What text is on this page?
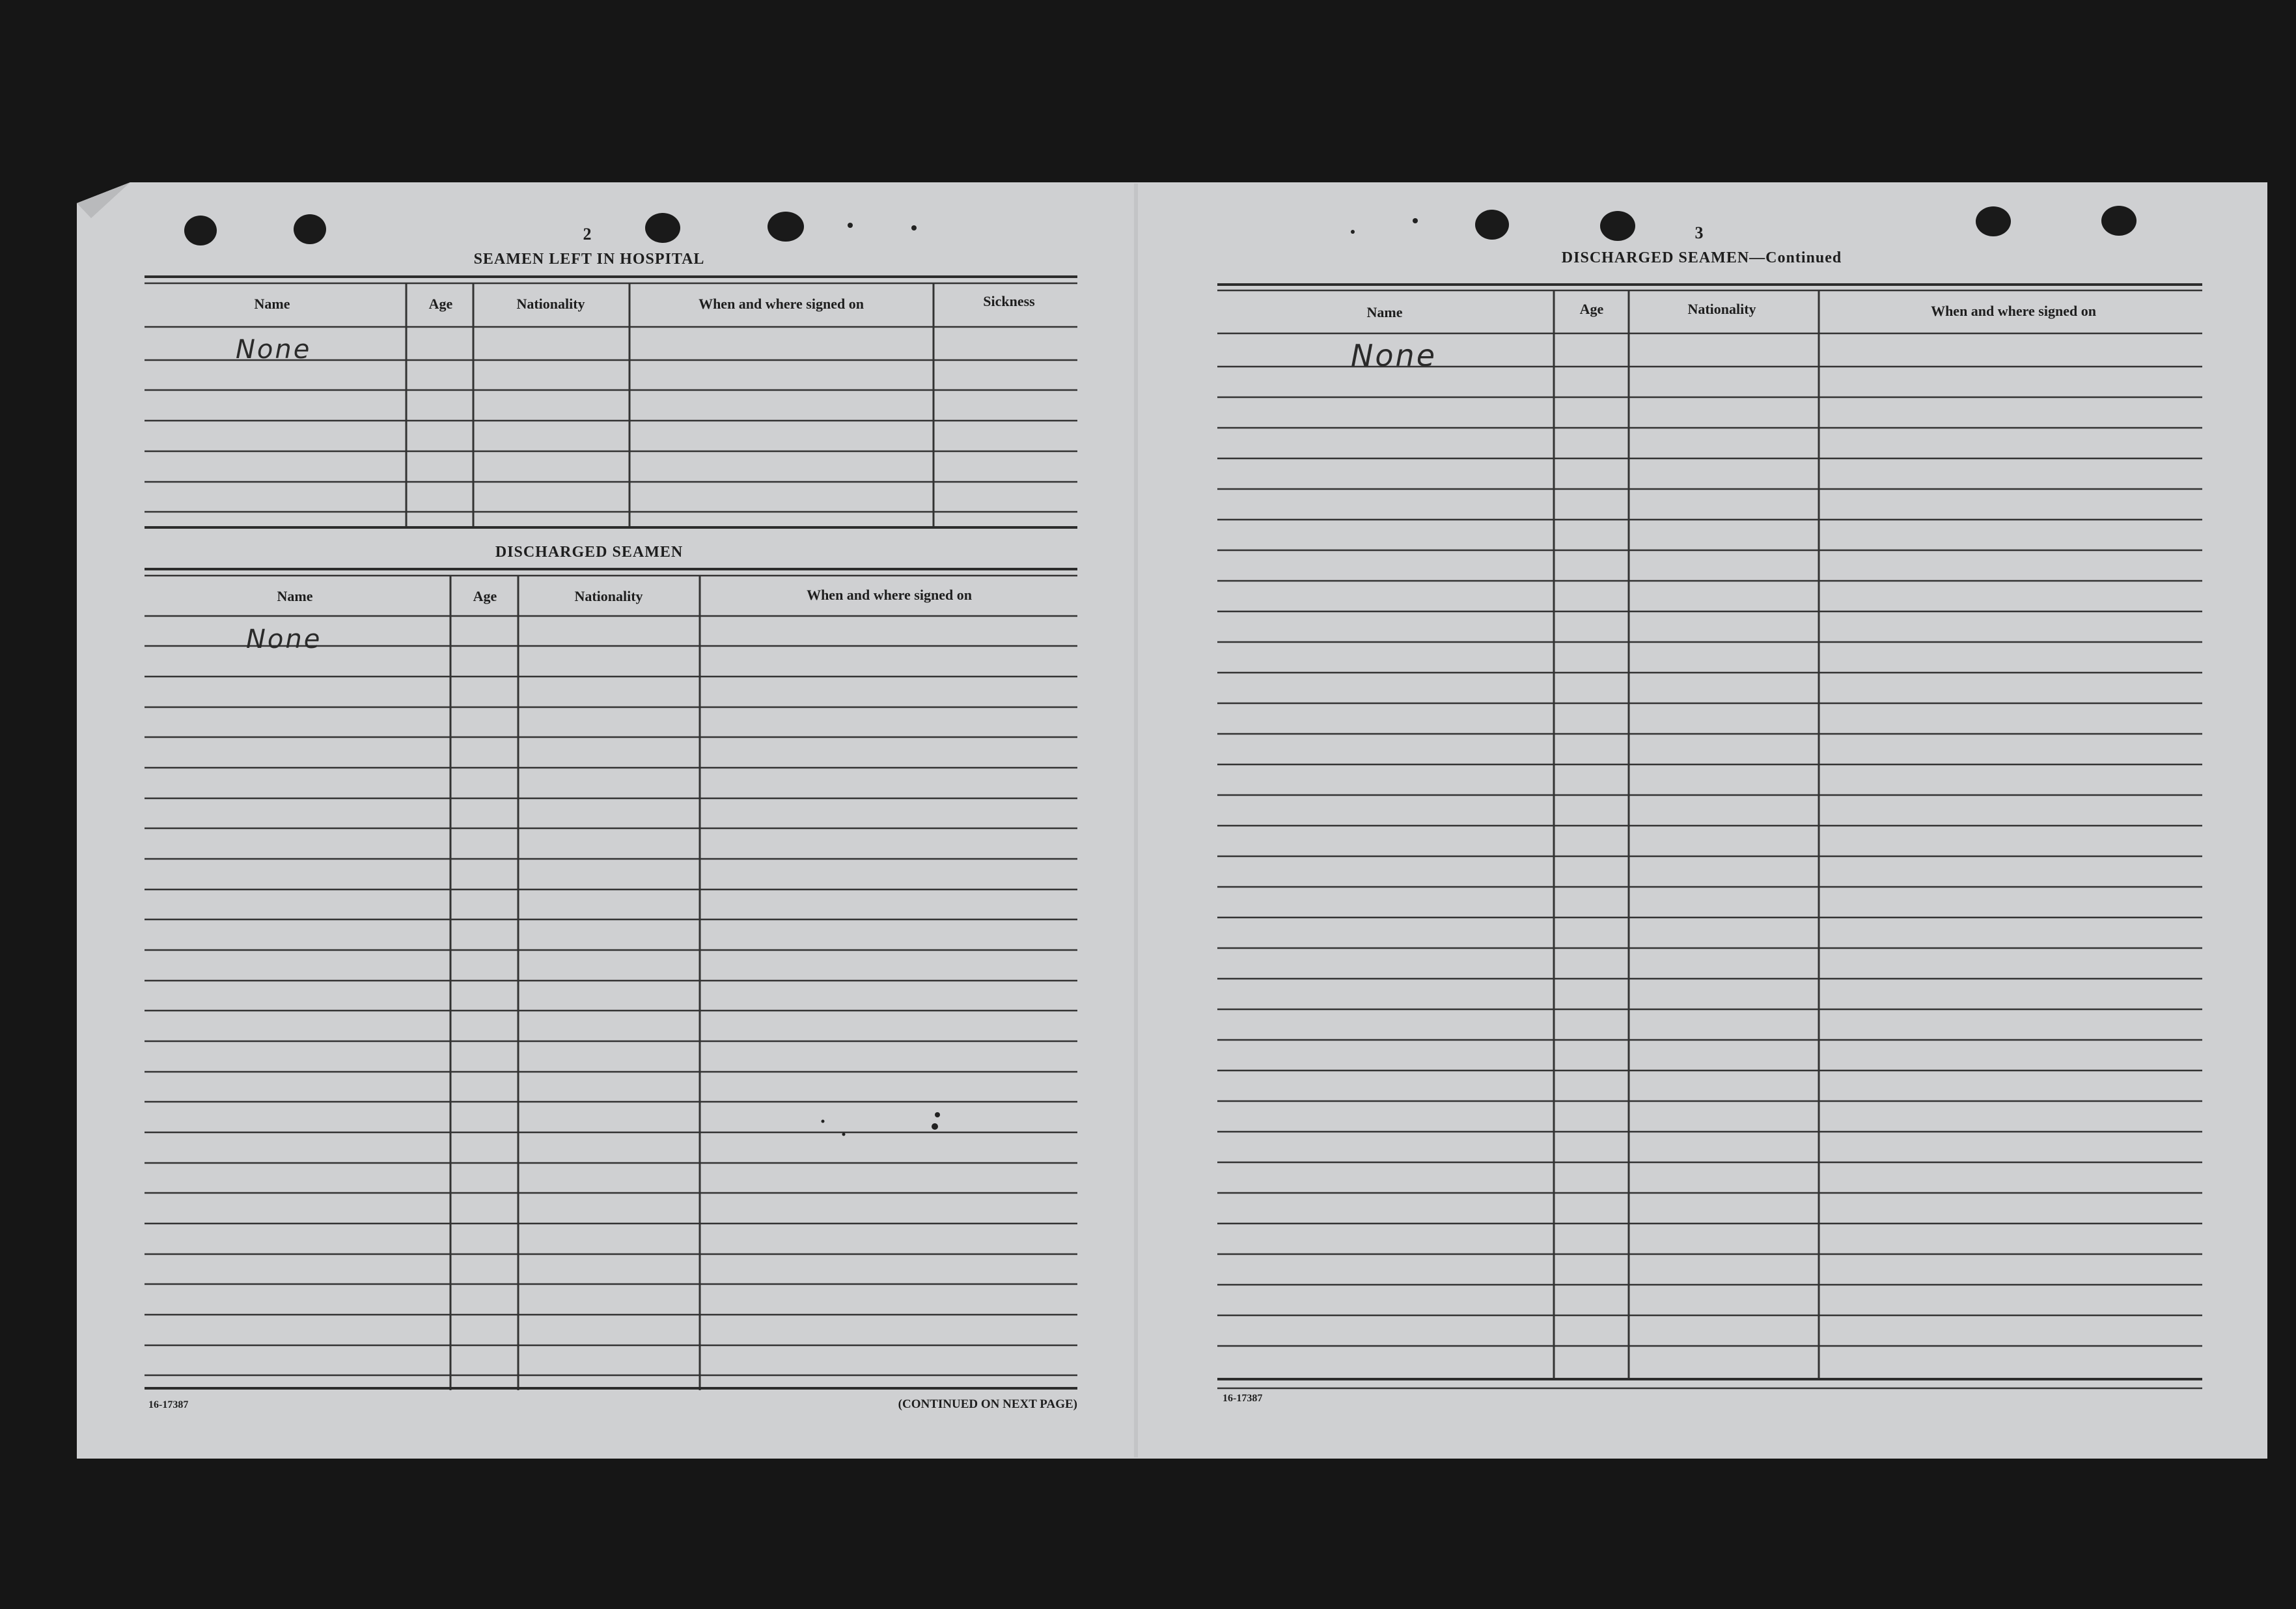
2
SEAMEN LEFT IN HOSPITAL
Name	Age	Nationality	When and where signed on	Sickness
None
DISCHARGED SEAMEN
Name	Age	Nationality	When and where signed on
None
16-17387	(CONTINUED ON NEXT PAGE)
3
DISCHARGED SEAMEN—Continued
Name	Age	Nationality	When and where signed on
None
16-17387
